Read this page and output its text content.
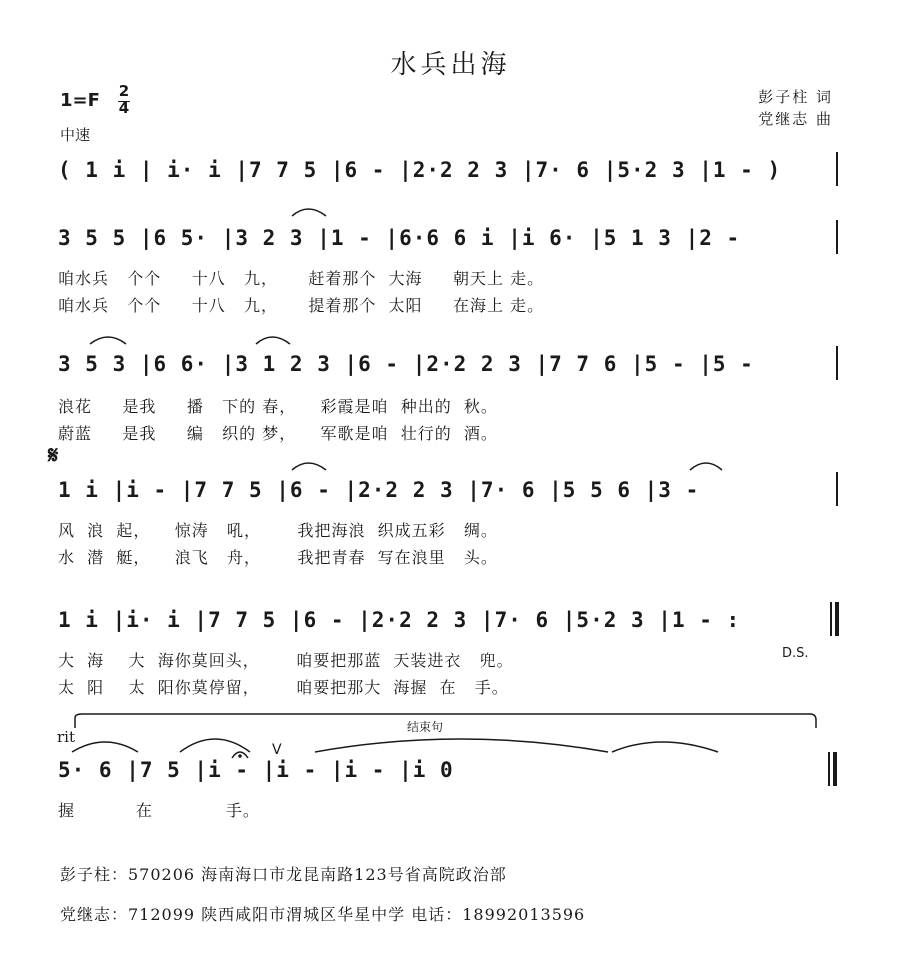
水兵出海
1=F 2
4
中速
彭子柱 词
党继志 曲
( 1 i | i· i |7 7 5 |6 - |2·2 2 3 |7· 6 |5·2 3 |1 - )
3 5 5 |6 5· |3 2 3 |1 - |6·6 6 i |i 6· |5 1 3 |2 -
咱水兵   个个     十八   九，     赶着那个  大海     朝天上 走。
咱水兵   个个     十八   九，     提着那个  太阳     在海上 走。
3 5 3 |6 6· |3 1 2 3 |6 - |2·2 2 3 |7 7 6 |5 - |5 -
浪花     是我     播   下的 春，    彩霞是咱  种出的  秋。
蔚蓝     是我     编   织的 梦，    军歌是咱  壮行的  酒。
𝄋
1 i |i - |7 7 5 |6 - |2·2 2 3 |7· 6 |5 5 6 |3 -
风  浪  起，    惊涛   吼，      我把海浪  织成五彩   绸。
水  潜  艇，    浪飞   舟，      我把青春  写在浪里   头。
1 i |i· i |7 7 5 |6 - |2·2 2 3 |7· 6 |5·2 3 |1 - :
大  海    大  海你莫回头，      咱要把那蓝  天装进衣   兜。
太  阳    太  阳你莫停留，      咱要把那大  海握  在   手。
D.S.
rit
结束句
V
5· 6 |7 5 |i - |i - |i - |i 0
握          在            手。
彭子柱：570206 海南海口市龙昆南路123号省高院政治部
党继志：712099 陕西咸阳市渭城区华星中学 电话：18992013596
